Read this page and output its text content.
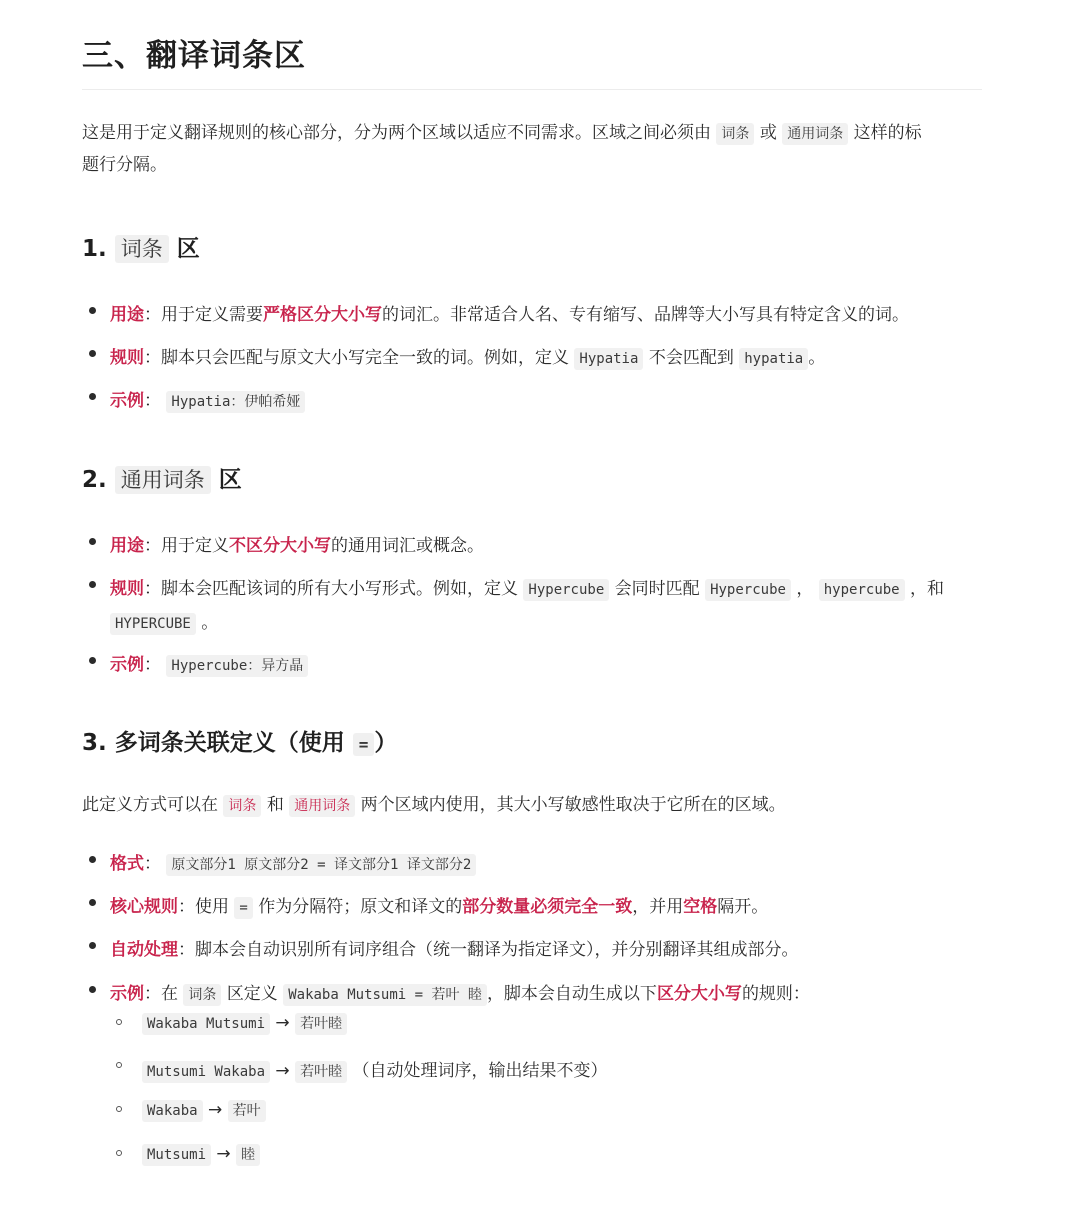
三、翻译词条区
这是用于定义翻译规则的核心部分，分为两个区域以适应不同需求。区域之间必须由 词条 或 通用词条 这样的标
题行分隔。
1. 词条 区
用途：用于定义需要严格区分大小写的词汇。非常适合人名、专有缩写、品牌等大小写具有特定含义的词。
规则：脚本只会匹配与原文大小写完全一致的词。例如，定义 Hypatia 不会匹配到 hypatia 。
示例： Hypatia：伊帕希娅
2. 通用词条 区
用途：用于定义不区分大小写的通用词汇或概念。
规则：脚本会匹配该词的所有大小写形式。例如，定义 Hypercube 会同时匹配 Hypercube ， hypercube ，和
HYPERCUBE 。
示例： Hypercube：异方晶
3. 多词条关联定义（使用 = ）
此定义方式可以在 词条 和 通用词条 两个区域内使用，其大小写敏感性取决于它所在的区域。
格式： 原文部分1 原文部分2 = 译文部分1 译文部分2
核心规则：使用 = 作为分隔符；原文和译文的部分数量必须完全一致，并用空格隔开。
自动处理：脚本会自动识别所有词序组合（统一翻译为指定译文），并分别翻译其组成部分。
示例：在 词条 区定义 Wakaba Mutsumi = 若叶 睦 ，脚本会自动生成以下区分大小写的规则：
Wakaba Mutsumi → 若叶睦
Mutsumi Wakaba → 若叶睦 （自动处理词序，输出结果不变）
Wakaba → 若叶
Mutsumi → 睦
